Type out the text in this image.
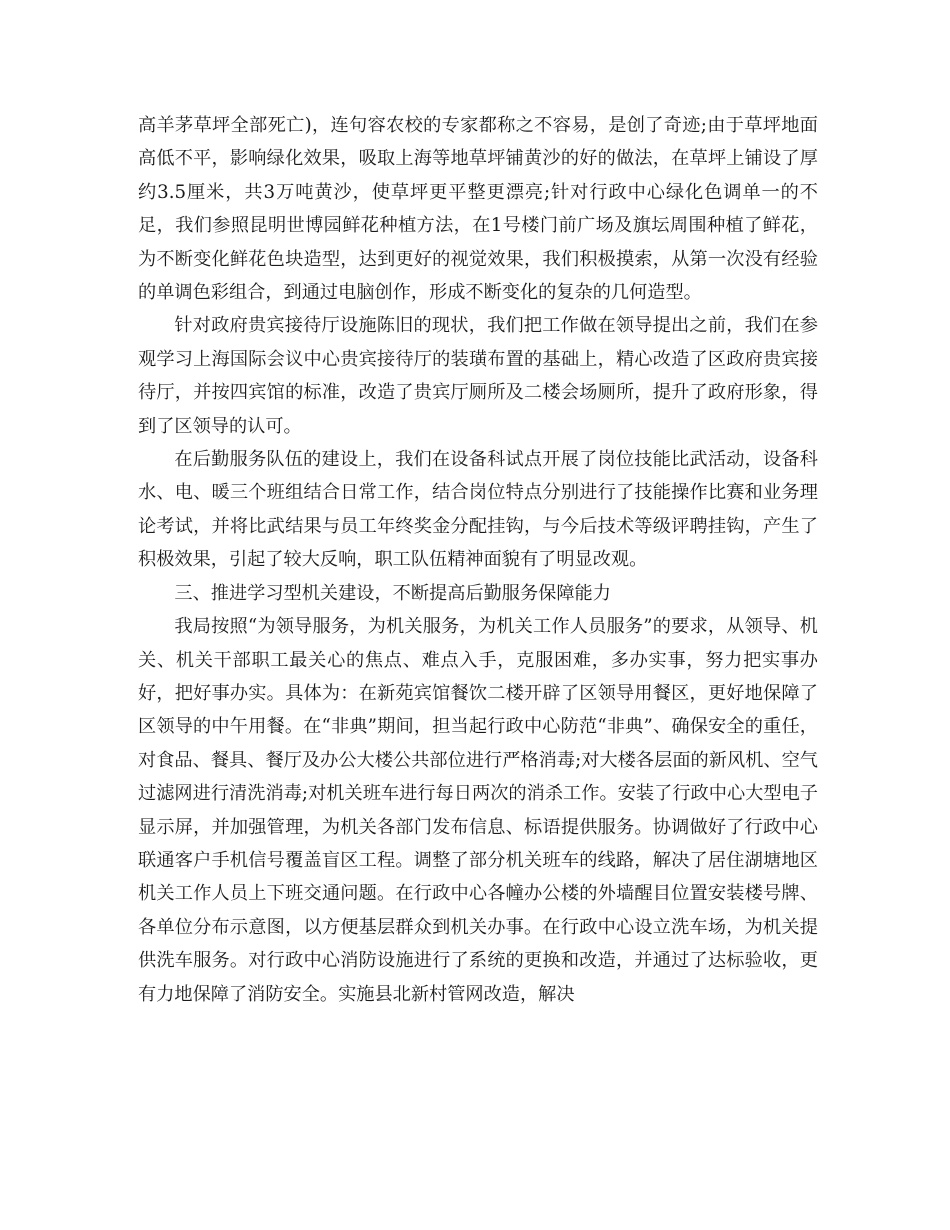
高羊茅草坪全部死亡)，连句容农校的专家都称之不容易，是创了奇迹;由于草坪地面高低不平，影响绿化效果，吸取上海等地草坪铺黄沙的好的做法，在草坪上铺设了厚约3.5厘米，共3万吨黄沙，使草坪更平整更漂亮;针对行政中心绿化色调单一的不足，我们参照昆明世博园鲜花种植方法，在1号楼门前广场及旗坛周围种植了鲜花，为不断变化鲜花色块造型，达到更好的视觉效果，我们积极摸索，从第一次没有经验的单调色彩组合，到通过电脑创作，形成不断变化的复杂的几何造型。

针对政府贵宾接待厅设施陈旧的现状，我们把工作做在领导提出之前，我们在参观学习上海国际会议中心贵宾接待厅的装璜布置的基础上，精心改造了区政府贵宾接待厅，并按四宾馆的标准，改造了贵宾厅厕所及二楼会场厕所，提升了政府形象，得到了区领导的认可。

在后勤服务队伍的建设上，我们在设备科试点开展了岗位技能比武活动，设备科水、电、暖三个班组结合日常工作，结合岗位特点分别进行了技能操作比赛和业务理论考试，并将比武结果与员工年终奖金分配挂钩，与今后技术等级评聘挂钩，产生了积极效果，引起了较大反响，职工队伍精神面貌有了明显改观。

三、推进学习型机关建设，不断提高后勤服务保障能力

我局按照“为领导服务，为机关服务，为机关工作人员服务”的要求，从领导、机关、机关干部职工最关心的焦点、难点入手，克服困难，多办实事，努力把实事办好，把好事办实。具体为：在新苑宾馆餐饮二楼开辟了区领导用餐区，更好地保障了区领导的中午用餐。在“非典”期间，担当起行政中心防范“非典”、确保安全的重任，对食品、餐具、餐厅及办公大楼公共部位进行严格消毒;对大楼各层面的新风机、空气过滤网进行清洗消毒;对机关班车进行每日两次的消杀工作。安装了行政中心大型电子显示屏，并加强管理，为机关各部门发布信息、标语提供服务。协调做好了行政中心联通客户手机信号覆盖盲区工程。调整了部分机关班车的线路，解决了居住湖塘地区机关工作人员上下班交通问题。在行政中心各幢办公楼的外墙醒目位置安装楼号牌、各单位分布示意图，以方便基层群众到机关办事。在行政中心设立洗车场，为机关提供洗车服务。对行政中心消防设施进行了系统的更换和改造，并通过了达标验收，更有力地保障了消防安全。实施县北新村管网改造，解决
